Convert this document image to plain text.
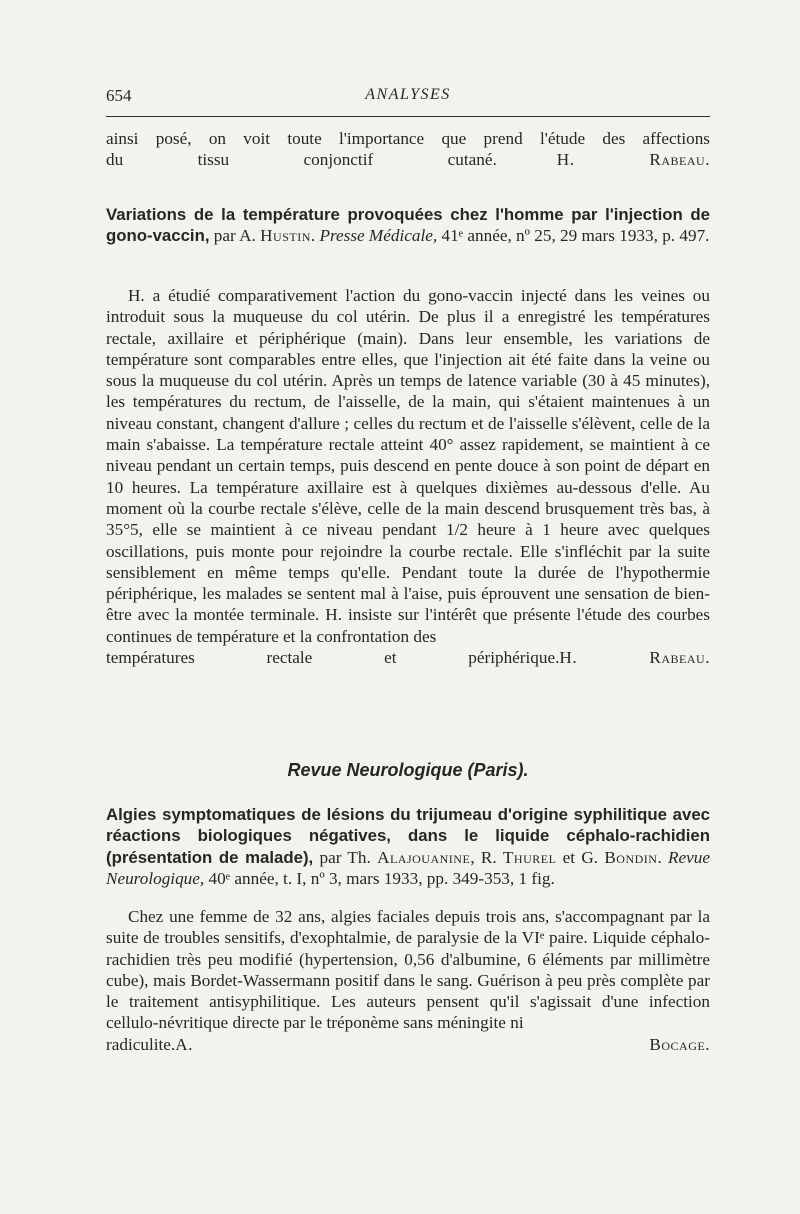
654	ANALYSES
ainsi posé, on voit toute l'importance que prend l'étude des affections
du tissu conjonctif cutané.	H. Rabeau.
Variations de la température provoquées chez l'homme par l'injection de gono-vaccin, par A. Hustin. Presse Médicale, 41ᵉ année, nº 25, 29 mars 1933, p. 497.
H. a étudié comparativement l'action du gono-vaccin injecté dans les veines ou introduit sous la muqueuse du col utérin. De plus il a enregistré les températures rectale, axillaire et périphérique (main). Dans leur ensemble, les variations de température sont comparables entre elles, que l'injection ait été faite dans la veine ou sous la muqueuse du col utérin. Après un temps de latence variable (30 à 45 minutes), les températures du rectum, de l'aisselle, de la main, qui s'étaient maintenues à un niveau constant, changent d'allure ; celles du rectum et de l'aisselle s'élèvent, celle de la main s'abaisse. La température rectale atteint 40° assez rapidement, se maintient à ce niveau pendant un certain temps, puis descend en pente douce à son point de départ en 10 heures. La température axillaire est à quelques dixièmes au-dessous d'elle. Au moment où la courbe rectale s'élève, celle de la main descend brusquement très bas, à 35°5, elle se maintient à ce niveau pendant 1/2 heure à 1 heure avec quelques oscillations, puis monte pour rejoindre la courbe rectale. Elle s'infléchit par la suite sensiblement en même temps qu'elle. Pendant toute la durée de l'hypothermie périphérique, les malades se sentent mal à l'aise, puis éprouvent une sensation de bien-être avec la montée terminale. H. insiste sur l'intérêt que présente l'étude des courbes continues de température et la confrontation des
températures rectale et périphérique.H. Rabeau.
Revue Neurologique (Paris).
Algies symptomatiques de lésions du trijumeau d'origine syphilitique avec réactions biologiques négatives, dans le liquide céphalo-rachidien (présentation de malade), par Th. Alajouanine, R. Thurel et G. Bondin. Revue Neurologique, 40ᵉ année, t. I, nº 3, mars 1933, pp. 349-353, 1 fig.
Chez une femme de 32 ans, algies faciales depuis trois ans, s'accompagnant par la suite de troubles sensitifs, d'exophtalmie, de paralysie de la VIᵉ paire. Liquide céphalo-rachidien très peu modifié (hypertension, 0,56 d'albumine, 6 éléments par millimètre cube), mais Bordet-Wassermann positif dans le sang. Guérison à peu près complète par le traitement antisyphilitique. Les auteurs pensent qu'il s'agissait d'une infection cellulo-névritique directe par le tréponème sans méningite ni
radiculite.A. Bocage.
